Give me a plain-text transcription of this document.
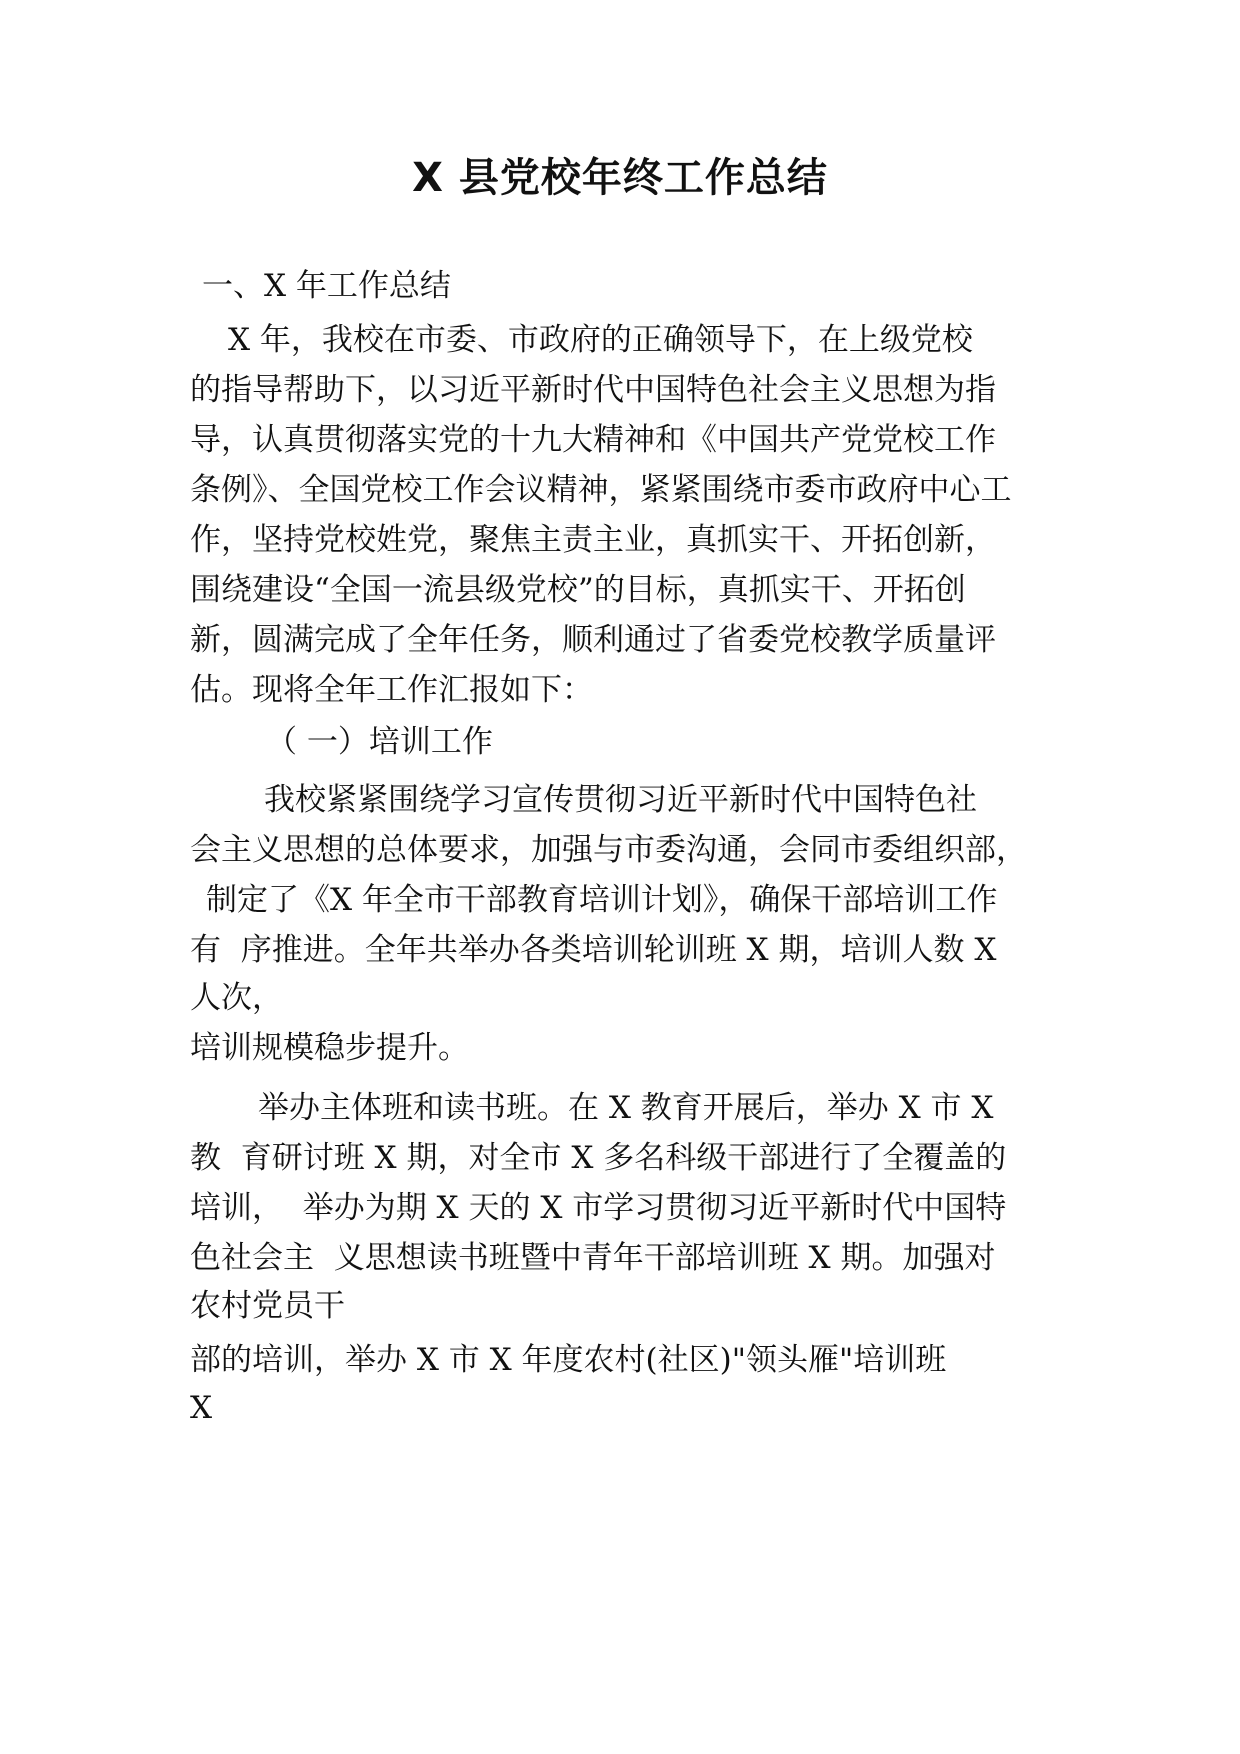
X 县党校年终工作总结
一、X 年工作总结
X 年，我校在市委、市政府的正确领导下，在上级党校
的指导帮助下，以习近平新时代中国特色社会主义思想为指
导，认真贯彻落实党的十九大精神和《中国共产党党校工作
条例》、全国党校工作会议精神，紧紧围绕市委市政府中心工
作，坚持党校姓党，聚焦主责主业，真抓实干、开拓创新，
围绕建设“全国一流县级党校”的目标，真抓实干、开拓创
新，圆满完成了全年任务，顺利通过了省委党校教学质量评
估。现将全年工作汇报如下：
（ 一）培训工作
我校紧紧围绕学习宣传贯彻习近平新时代中国特色社
会主义思想的总体要求，加强与市委沟通，会同市委组织部，
制定了《X 年全市干部教育培训计划》，确保干部培训工作
有  序推进。全年共举办各类培训轮训班 X 期，培训人数 X
人次，
培训规模稳步提升。
举办主体班和读书班。在 X 教育开展后，举办 X 市 X
教  育研讨班 X 期，对全市 X 多名科级干部进行了全覆盖的
培训，  举办为期 X 天的 X 市学习贯彻习近平新时代中国特
色社会主  义思想读书班暨中青年干部培训班 X 期。加强对
农村党员干
部的培训，举办 X 市 X 年度农村(社区)"领头雁"培训班
X
